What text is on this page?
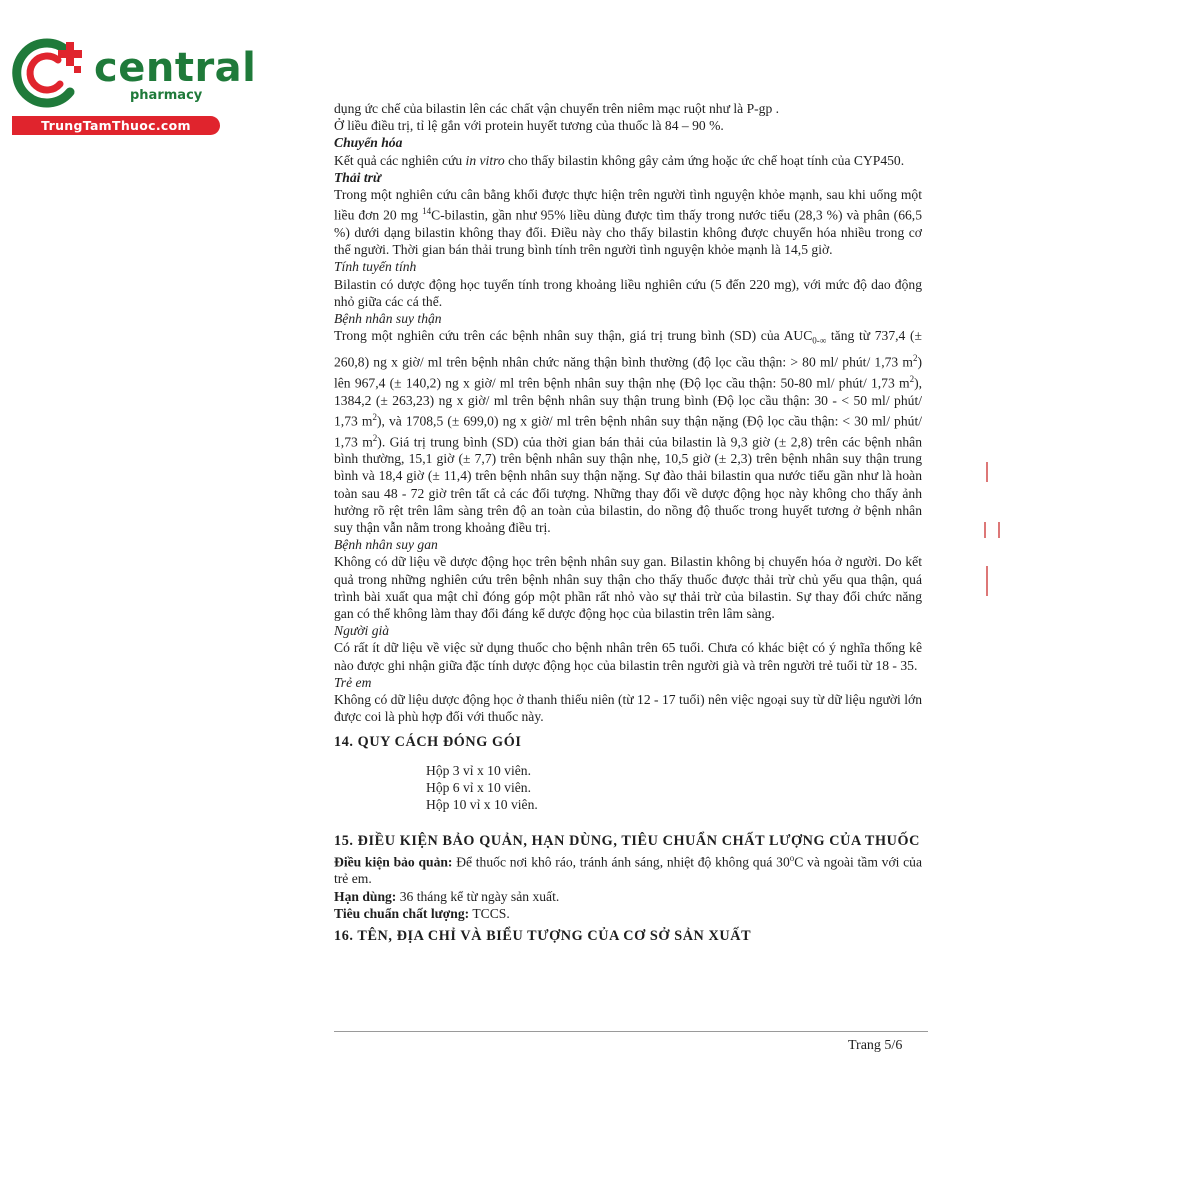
central
pharmacy
TrungTamThuoc.com

dụng ức chế của bilastin lên các chất vận chuyển trên niêm mạc ruột như là P-gp .

Ở liều điều trị, tỉ lệ gắn với protein huyết tương của thuốc là 84 – 90 %.

Chuyển hóa

Kết quả các nghiên cứu in vitro cho thấy bilastin không gây cảm ứng hoặc ức chế hoạt tính của CYP450.

Thải trừ

Trong một nghiên cứu cân bằng khối được thực hiện trên người tình nguyện khỏe mạnh, sau khi uống một liều đơn 20 mg $^{14}$C-bilastin, gần như 95% liều dùng được tìm thấy trong nước tiểu (28,3 %) và phân (66,5 %) dưới dạng bilastin không thay đổi. Điều này cho thấy bilastin không được chuyển hóa nhiều trong cơ thể người. Thời gian bán thải trung bình tính trên người tình nguyện khỏe mạnh là 14,5 giờ.

Tính tuyến tính

Bilastin có dược động học tuyến tính trong khoảng liều nghiên cứu (5 đến 220 mg), với mức độ dao động nhỏ giữa các cá thể.

Bệnh nhân suy thận

Trong một nghiên cứu trên các bệnh nhân suy thận, giá trị trung bình (SD) của $AUC_{0-\infty}$ tăng từ 737,4 (± 260,8) ng x giờ/ ml trên bệnh nhân chức năng thận bình thường (độ lọc cầu thận: > 80 ml/ phút/ 1,73 $m^2$) lên 967,4 (± 140,2) ng x giờ/ ml trên bệnh nhân suy thận nhẹ (Độ lọc cầu thận: 50-80 ml/ phút/ 1,73 $m^2$), 1384,2 (± 263,23) ng x giờ/ ml trên bệnh nhân suy thận trung bình (Độ lọc cầu thận: 30 - < 50 ml/ phút/ 1,73 $m^2$), và 1708,5 (± 699,0) ng x giờ/ ml trên bệnh nhân suy thận nặng (Độ lọc cầu thận: < 30 ml/ phút/ 1,73 $m^2$). Giá trị trung bình (SD) của thời gian bán thải của bilastin là 9,3 giờ (± 2,8) trên các bệnh nhân bình thường, 15,1 giờ (± 7,7) trên bệnh nhân suy thận nhẹ, 10,5 giờ (± 2,3) trên bệnh nhân suy thận trung bình và 18,4 giờ (± 11,4) trên bệnh nhân suy thận nặng. Sự đào thải bilastin qua nước tiểu gần như là hoàn toàn sau 48 - 72 giờ trên tất cả các đối tượng. Những thay đổi về dược động học này không cho thấy ảnh hưởng rõ rệt trên lâm sàng trên độ an toàn của bilastin, do nồng độ thuốc trong huyết tương ở bệnh nhân suy thận vẫn nằm trong khoảng điều trị.

Bệnh nhân suy gan

Không có dữ liệu về dược động học trên bệnh nhân suy gan. Bilastin không bị chuyển hóa ở người. Do kết quả trong những nghiên cứu trên bệnh nhân suy thận cho thấy thuốc được thải trừ chủ yếu qua thận, quá trình bài xuất qua mật chỉ đóng góp một phần rất nhỏ vào sự thải trừ của bilastin. Sự thay đổi chức năng gan có thể không làm thay đổi đáng kể dược động học của bilastin trên lâm sàng.

Người già

Có rất ít dữ liệu về việc sử dụng thuốc cho bệnh nhân trên 65 tuổi. Chưa có khác biệt có ý nghĩa thống kê nào được ghi nhận giữa đặc tính dược động học của bilastin trên người già và trên người trẻ tuổi từ 18 - 35.

Trẻ em

Không có dữ liệu dược động học ở thanh thiếu niên (từ 12 - 17 tuổi) nên việc ngoại suy từ dữ liệu người lớn được coi là phù hợp đối với thuốc này.

14. QUY CÁCH ĐÓNG GÓI

Hộp 3 vỉ x 10 viên.

Hộp 6 vỉ x 10 viên.

Hộp 10 vỉ x 10 viên.

15. ĐIỀU KIỆN BẢO QUẢN, HẠN DÙNG, TIÊU CHUẨN CHẤT LƯỢNG CỦA THUỐC

Điều kiện bảo quản: Để thuốc nơi khô ráo, tránh ánh sáng, nhiệt độ không quá 30$^o$C và ngoài tầm với của trẻ em.

Hạn dùng: 36 tháng kể từ ngày sản xuất.

Tiêu chuẩn chất lượng: TCCS.

16. TÊN, ĐỊA CHỈ VÀ BIỂU TƯỢNG CỦA CƠ SỞ SẢN XUẤT

Trang 5/6
